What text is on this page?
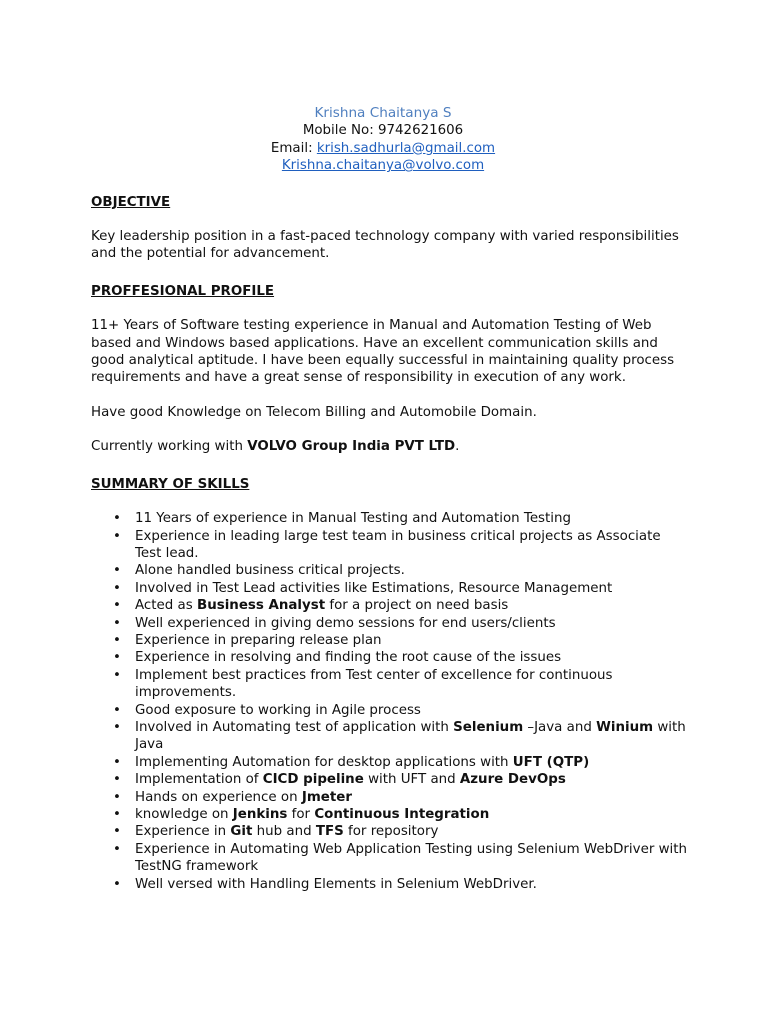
Krishna Chaitanya S
Mobile No: 9742621606
Email: krish.sadhurla@gmail.com
Krishna.chaitanya@volvo.com
OBJECTIVE

Key leadership position in a fast-paced technology company with varied responsibilities and the potential for advancement.

PROFFESIONAL PROFILE

11+ Years of Software testing experience in Manual and Automation Testing of Web based and Windows based applications. Have an excellent communication skills and good analytical aptitude. I have been equally successful in maintaining quality process requirements and have a great sense of responsibility in execution of any work.

Have good Knowledge on Telecom Billing and Automobile Domain.

Currently working with VOLVO Group India PVT LTD.

SUMMARY OF SKILLS
• 11 Years of experience in Manual Testing and Automation Testing
• Experience in leading large test team in business critical projects as Associate Test lead.
• Alone handled business critical projects.
• Involved in Test Lead activities like Estimations, Resource Management
• Acted as Business Analyst for a project on need basis
• Well experienced in giving demo sessions for end users/clients
• Experience in preparing release plan
• Experience in resolving and finding the root cause of the issues
• Implement best practices from Test center of excellence for continuous improvements.
• Good exposure to working in Agile process
• Involved in Automating test of application with Selenium –Java and Winium with Java
• Implementing Automation for desktop applications with UFT (QTP)
• Implementation of CICD pipeline with UFT and Azure DevOps
• Hands on experience on Jmeter
• knowledge on Jenkins for Continuous Integration
• Experience in Git hub and TFS for repository
• Experience in Automating Web Application Testing using Selenium WebDriver with TestNG framework
• Well versed with Handling Elements in Selenium WebDriver.
